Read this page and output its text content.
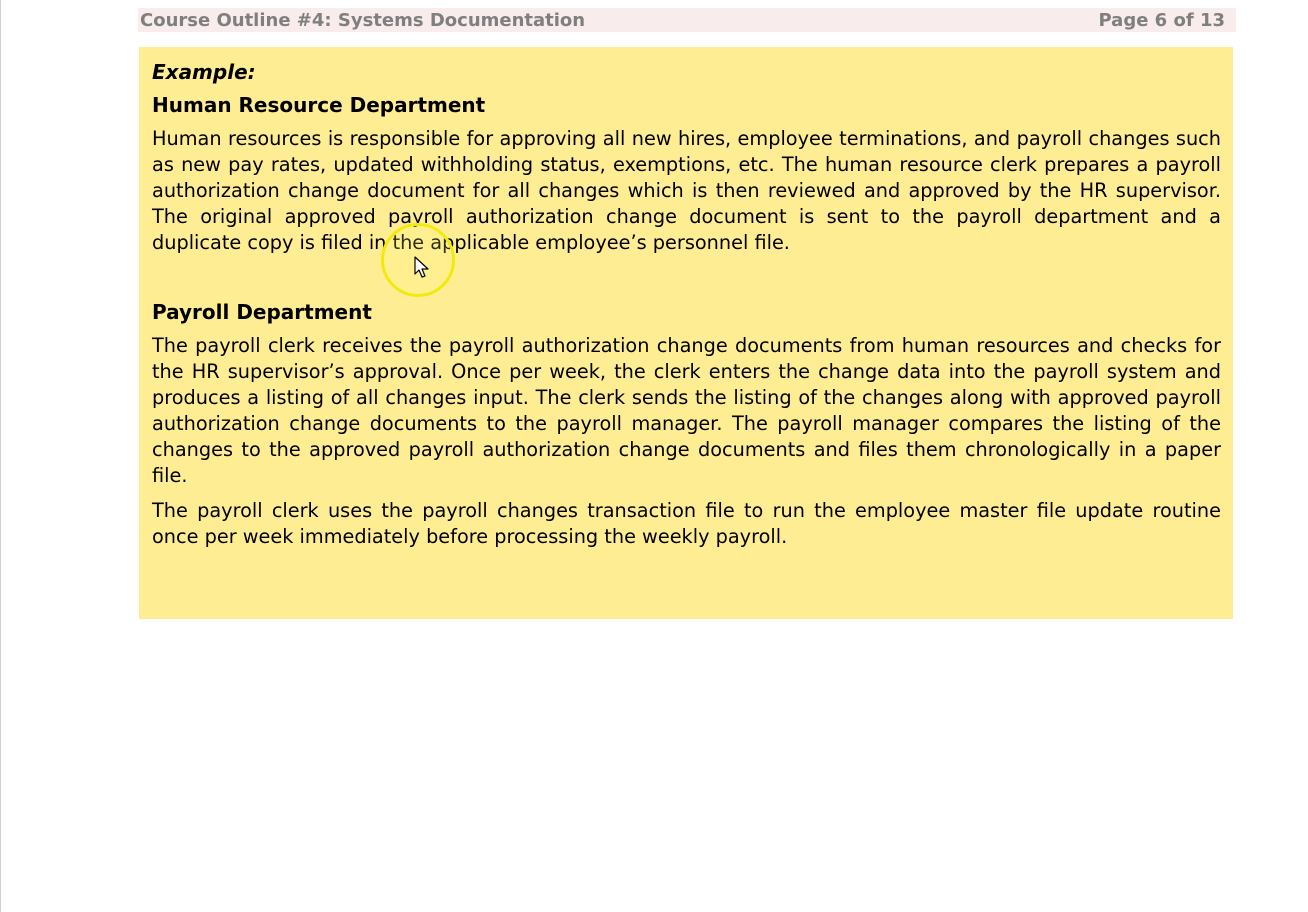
Course Outline #4: Systems Documentation	Page 6 of 13
Example:
Human Resource Department

Human resources is responsible for approving all new hires, employee terminations, and payroll changes such as new pay rates, updated withholding status, exemptions, etc. The human resource clerk prepares a payroll authorization change document for all changes which is then reviewed and approved by the HR supervisor. The original approved payroll authorization change document is sent to the payroll department and a duplicate copy is filed in the applicable employee’s personnel file.

Payroll Department

The payroll clerk receives the payroll authorization change documents from human resources and checks for the HR supervisor’s approval. Once per week, the clerk enters the change data into the payroll system and produces a listing of all changes input. The clerk sends the listing of the changes along with approved payroll authorization change documents to the payroll manager. The payroll manager compares the listing of the changes to the approved payroll authorization change documents and files them chronologically in a paper file.

The payroll clerk uses the payroll changes transaction file to run the employee master file update routine once per week immediately before processing the weekly payroll.
